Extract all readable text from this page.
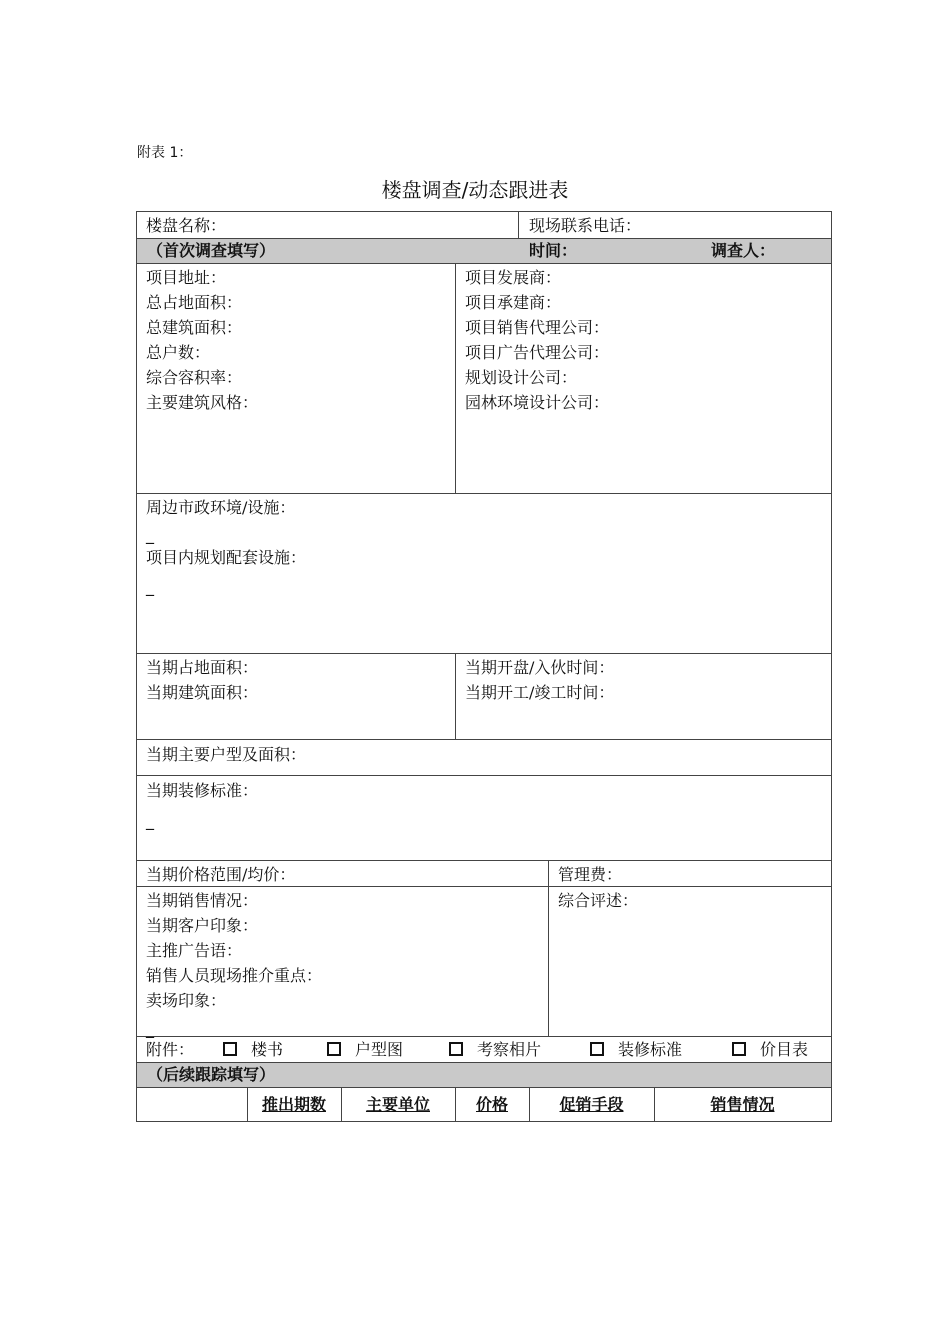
附表 1：
楼盘调查/动态跟进表
楼盘名称：	现场联系电话：
（首次调查填写）	时间：	调查人：
项目地址：
总占地面积：
总建筑面积：
总户数：
综合容积率：
主要建筑风格：
项目发展商：
项目承建商：
项目销售代理公司：
项目广告代理公司：
规划设计公司：
园林环境设计公司：
周边市政环境/设施：
_
项目内规划配套设施：
_
当期占地面积：
当期建筑面积：
当期开盘/入伙时间：
当期开工/竣工时间：
当期主要户型及面积：
当期装修标准：
_
当期价格范围/均价：	管理费：
当期销售情况：
当期客户印象：
主推广告语：
销售人员现场推介重点：
卖场印象：
_
综合评述：
附件：	楼书	户型图	考察相片	装修标准	价目表
（后续跟踪填写）
推出期数	主要单位	价格	促销手段	销售情况
